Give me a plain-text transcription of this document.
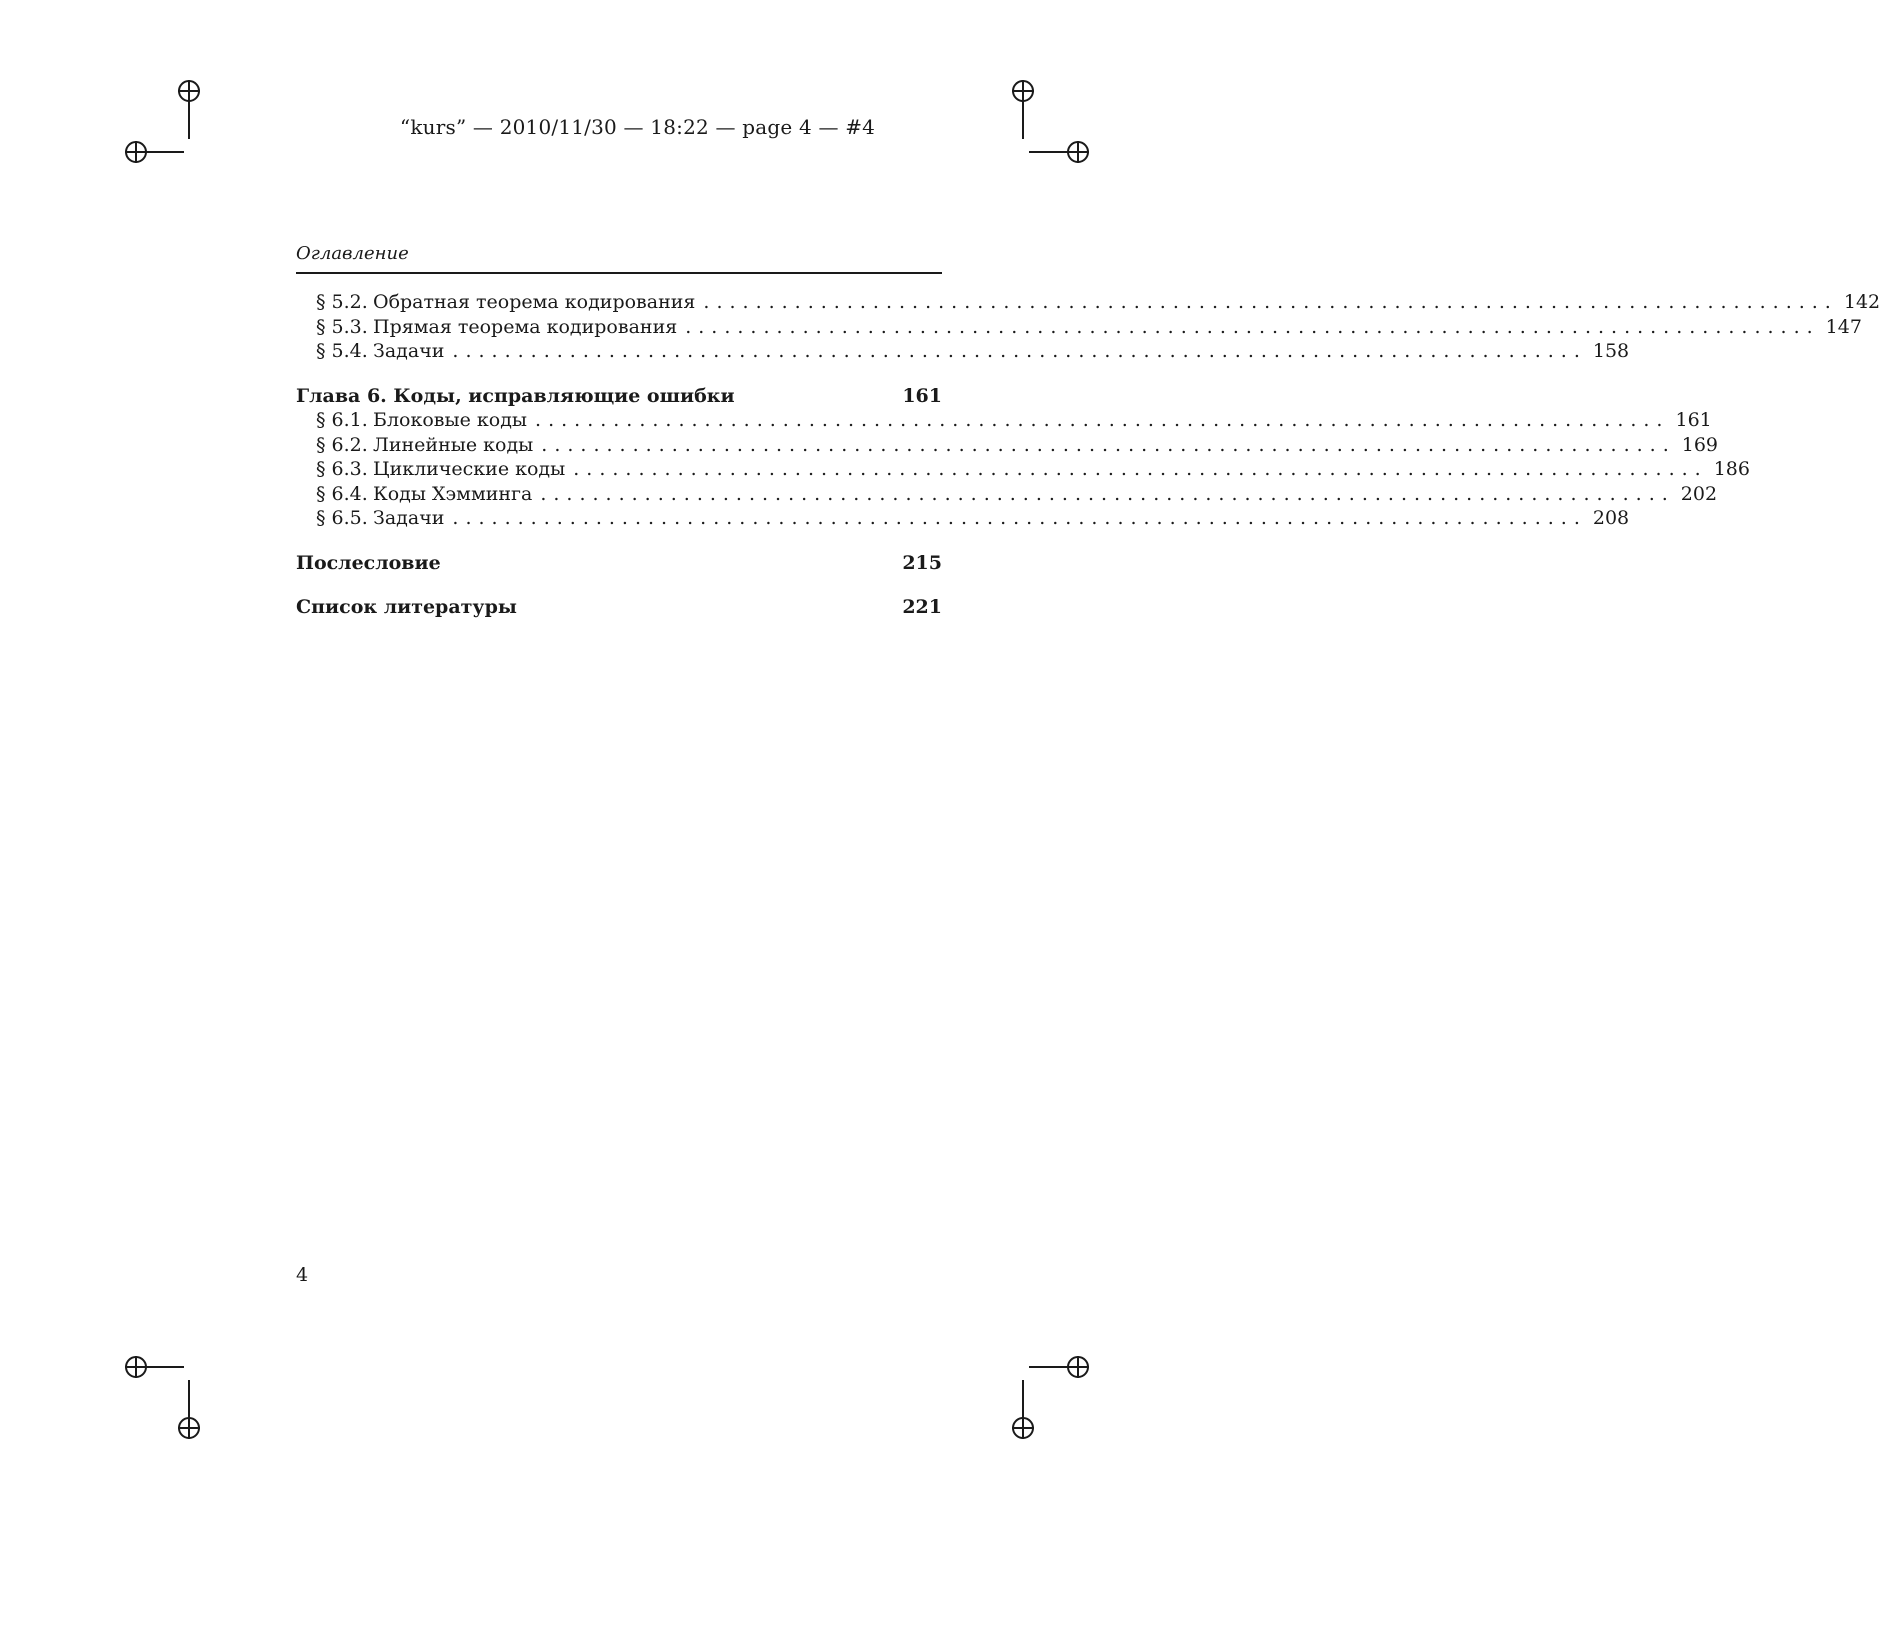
“kurs” — 2010/11/30 — 18:22 — page 4 — #4
Оглавление
§ 5.2. Обратная теорема кодирования ....................................................................................... 142
§ 5.3. Прямая теорема кодирования ....................................................................................... 147
§ 5.4. Задачи ....................................................................................... 158
Глава 6. Коды, исправляющие ошибки	161
§ 6.1. Блоковые коды ....................................................................................... 161
§ 6.2. Линейные коды ....................................................................................... 169
§ 6.3. Циклические коды ....................................................................................... 186
§ 6.4. Коды Хэмминга ....................................................................................... 202
§ 6.5. Задачи ....................................................................................... 208
Послесловие	215
Список литературы	221
4
